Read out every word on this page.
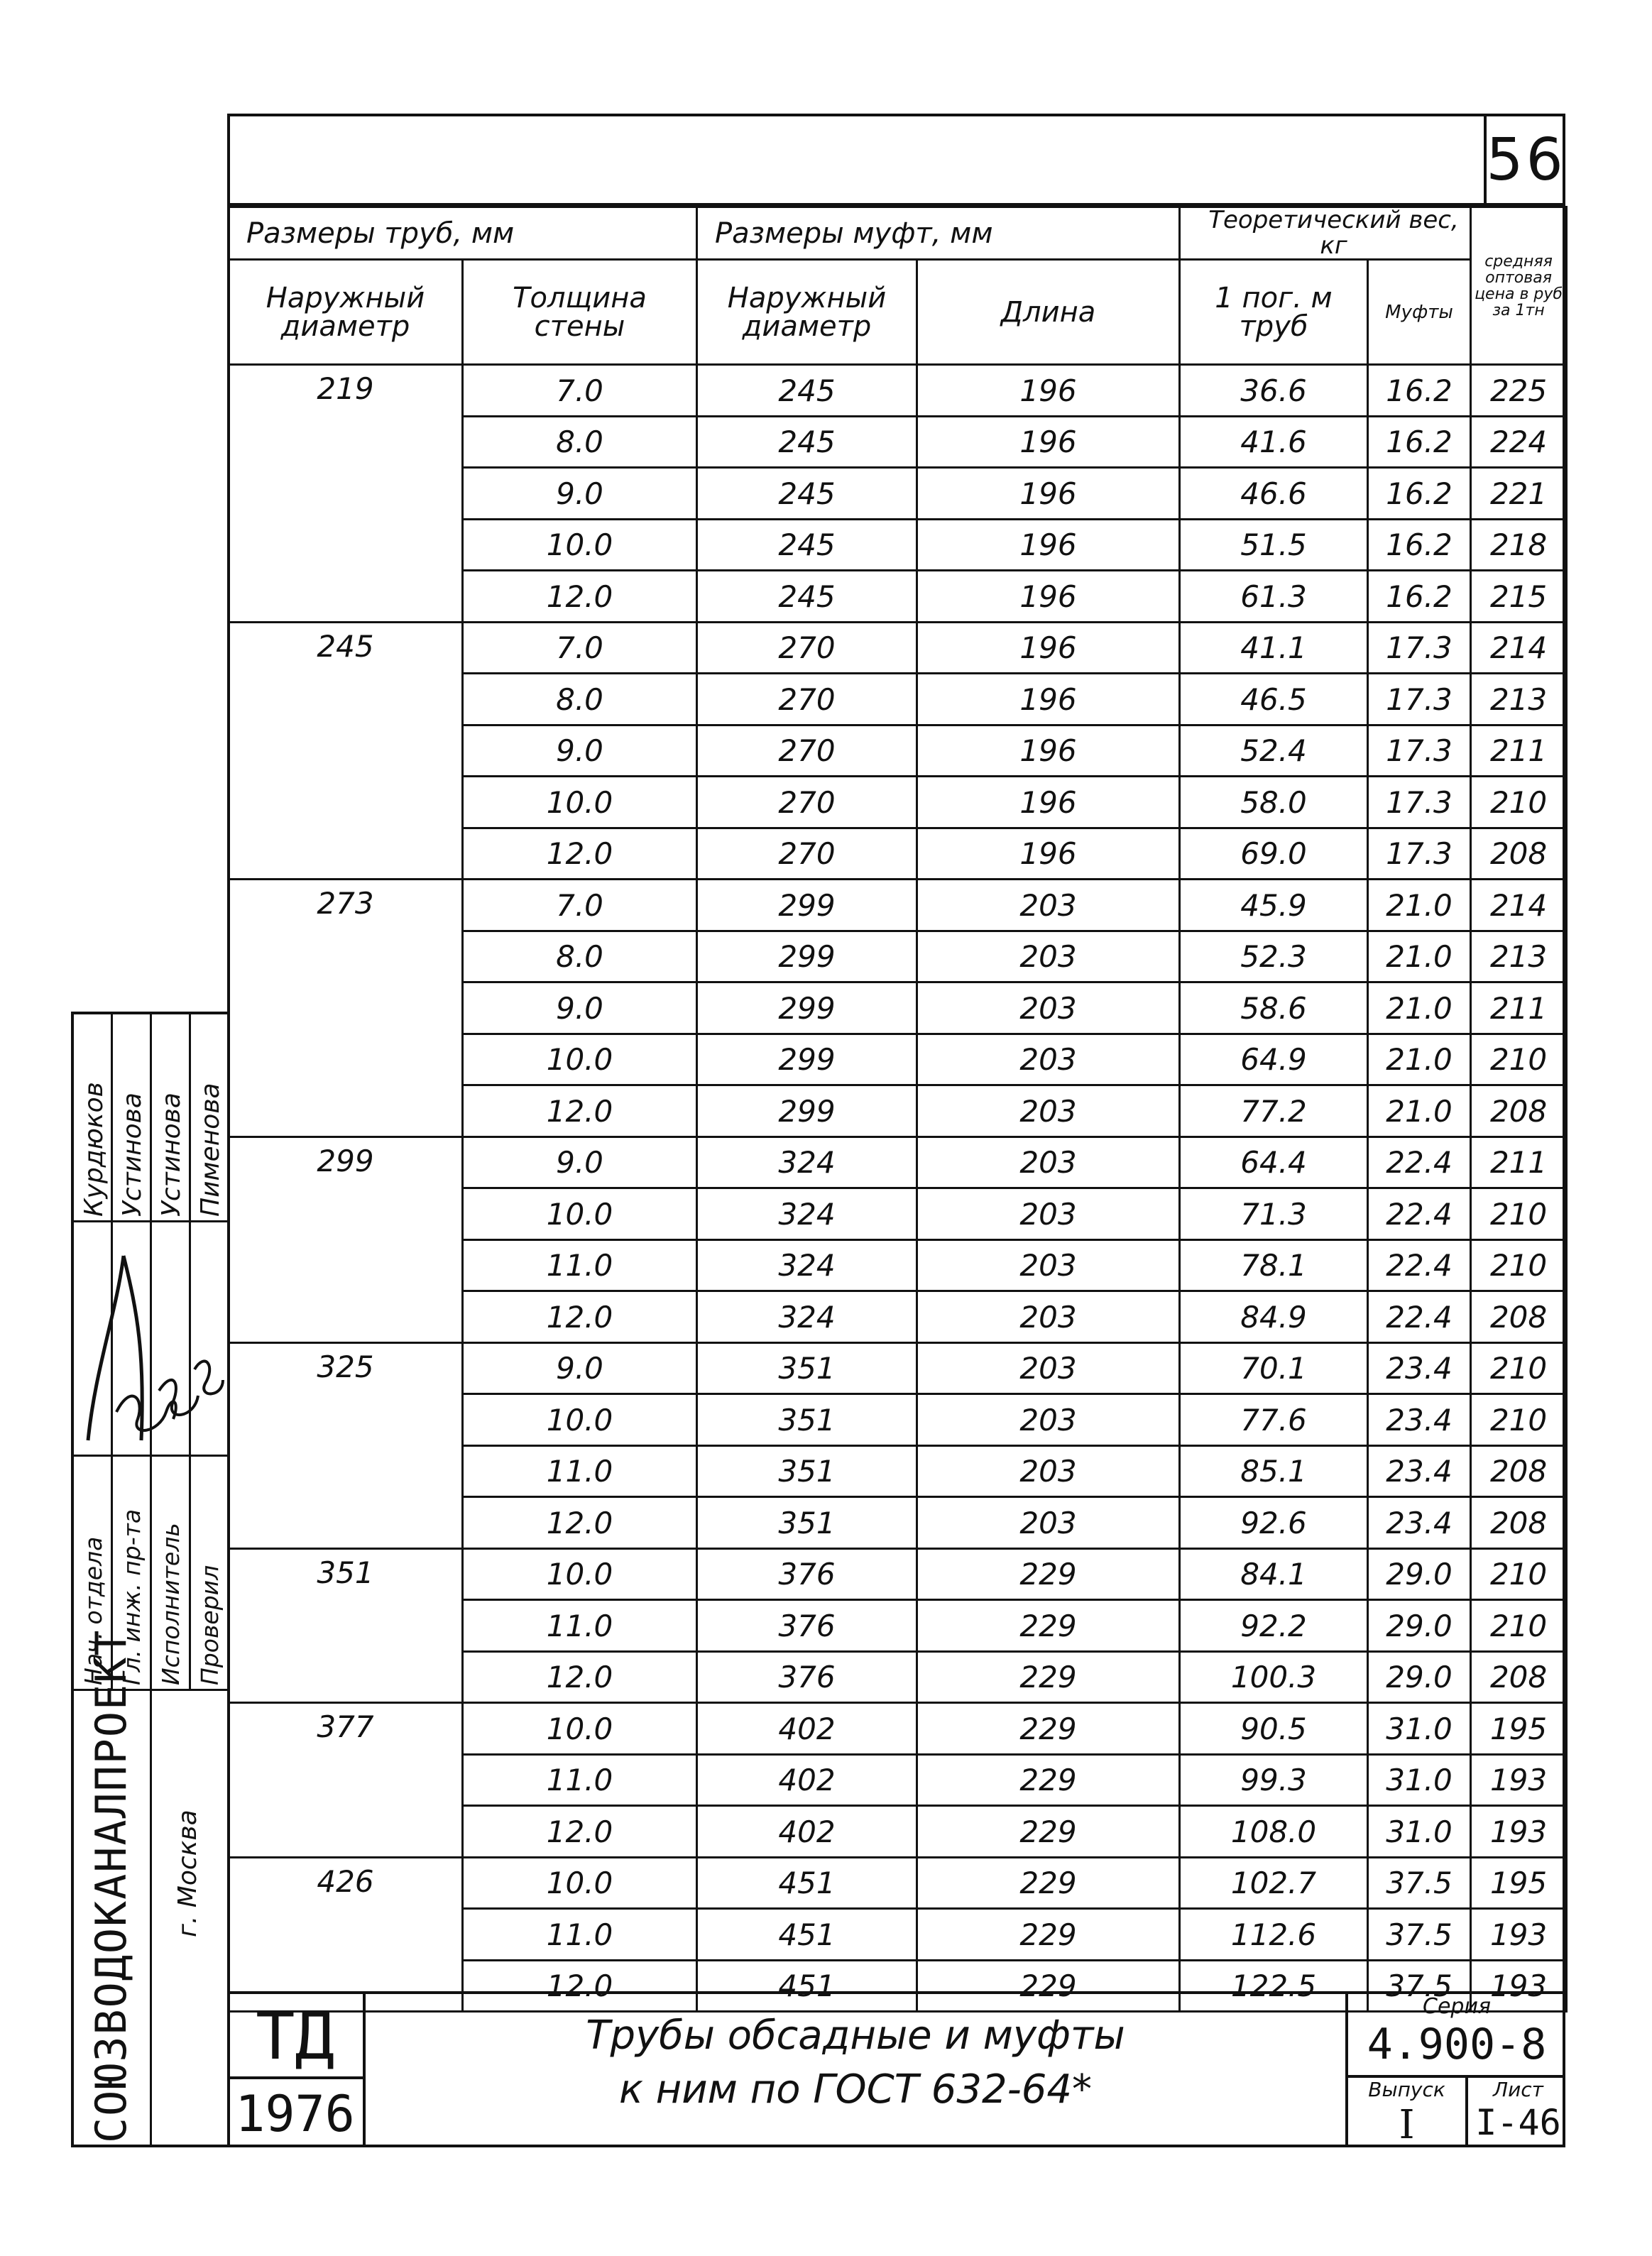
56
Размеры труб, мм		Размеры муфт, мм		Теоретический вес, кг		средняя оптовая цена в руб за 1тн
Наружный диаметр	Толщина стены	Наружный диаметр	Длина	1 пог. м труб	Муфты	
219	7.0	245	196	36.6	16.2	225
	8.0	245	196	41.6	16.2	224
	9.0	245	196	46.6	16.2	221
	10.0	245	196	51.5	16.2	218
	12.0	245	196	61.3	16.2	215
245	7.0	270	196	41.1	17.3	214
	8.0	270	196	46.5	17.3	213
	9.0	270	196	52.4	17.3	211
	10.0	270	196	58.0	17.3	210
	12.0	270	196	69.0	17.3	208
273	7.0	299	203	45.9	21.0	214
	8.0	299	203	52.3	21.0	213
	9.0	299	203	58.6	21.0	211
	10.0	299	203	64.9	21.0	210
	12.0	299	203	77.2	21.0	208
299	9.0	324	203	64.4	22.4	211
	10.0	324	203	71.3	22.4	210
	11.0	324	203	78.1	22.4	210
	12.0	324	203	84.9	22.4	208
325	9.0	351	203	70.1	23.4	210
	10.0	351	203	77.6	23.4	210
	11.0	351	203	85.1	23.4	208
	12.0	351	203	92.6	23.4	208
351	10.0	376	229	84.1	29.0	210
	11.0	376	229	92.2	29.0	210
	12.0	376	229	100.3	29.0	208
377	10.0	402	229	90.5	31.0	195
	11.0	402	229	99.3	31.0	193
	12.0	402	229	108.0	31.0	193
426	10.0	451	229	102.7	37.5	195
	11.0	451	229	112.6	37.5	193
	12.0	451	229	122.5	37.5	193
ТД
1976
Трубы обсадные и муфты
к ним по ГОСТ 632-64*
Серия
4.900-8
Выпуск	Лист
I	I-46
Курдюков Устинова Устинова Пименова
Нач. отдела Гл. инж. пр-та Исполнитель Проверил
СОЮЗВОДОКАНАЛПРОЕКТ г. Москва
